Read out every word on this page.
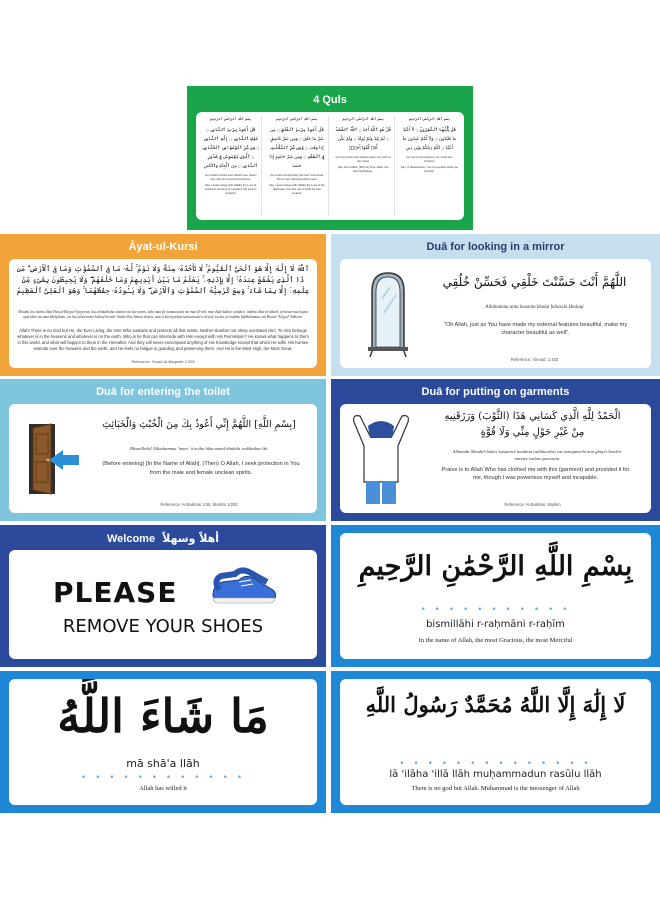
4 Quls
بِسْمِ ٱللَّهِ ٱلرَّحْمَٰنِ ٱلرَّحِيمِ
قُلْ أَعُوذُ بِرَبِّ ٱلنَّاسِ ۝ مَلِكِ ٱلنَّاسِ ۝ إِلَٰهِ ٱلنَّاسِ ۝ مِن شَرِّ ٱلْوَسْوَاسِ ٱلْخَنَّاسِ ۝ ٱلَّذِى يُوَسْوِسُ فِى صُدُورِ ٱلنَّاسِ ۝ مِنَ ٱلْجِنَّةِ وَٱلنَّاسِ
Qul a'oodhu birabbin naas. Malikin naas. Ilaahin naas. Min sharril waswaasil khannaas.
Say, I seek refuge with (Allah) the Lord of mankind, the King of mankind, the God of mankind.
بِسْمِ ٱللَّهِ ٱلرَّحْمَٰنِ ٱلرَّحِيمِ
قُلْ أَعُوذُ بِرَبِّ ٱلْفَلَقِ ۝ مِن شَرِّ مَا خَلَقَ ۝ وَمِن شَرِّ غَاسِقٍ إِذَا وَقَبَ ۝ وَمِن شَرِّ ٱلنَّفَّٰثَٰتِ فِى ٱلْعُقَدِ ۝ وَمِن شَرِّ حَاسِدٍ إِذَا حَسَدَ
Qul a'oodhu birabbil-falaq. Min sharri maa khalaq. Wa min sharri ghaasiqin idhaa waqab.
Say, I seek refuge with (Allah) the Lord of the daybreak, from the evil of what He has created.
بِسْمِ ٱللَّهِ ٱلرَّحْمَٰنِ ٱلرَّحِيمِ
قُلْ هُوَ ٱللَّهُ أَحَدٌ ۝ ٱللَّهُ ٱلصَّمَدُ ۝ لَمْ يَلِدْ وَلَمْ يُولَدْ ۝ وَلَمْ يَكُن لَّهُۥ كُفُوًا أَحَدٌۢ
Qul huwal laahu ahad. Allahus samad. Lam yalid wa lam yoolad.
Say, He is Allah, (Who is) One. Allah, the Eternal Refuge.
بِسْمِ ٱللَّهِ ٱلرَّحْمَٰنِ ٱلرَّحِيمِ
قُلْ يَٰٓأَيُّهَا ٱلْكَٰفِرُونَ ۝ لَآ أَعْبُدُ مَا تَعْبُدُونَ ۝ وَلَآ أَنتُمْ عَٰبِدُونَ مَآ أَعْبُدُ ۝ لَكُمْ دِينُكُمْ وَلِىَ دِينِ
Qul yaa ayyuhal kaafiroon. Laa a'budu maa ta'budoon.
Say, O disbelievers, I do not worship what you worship.
Āyat-ul-Kursi
ٱللَّهُ لَآ إِلَٰهَ إِلَّا هُوَ ٱلْحَىُّ ٱلْقَيُّومُ ۚ لَا تَأْخُذُهُۥ سِنَةٌ وَلَا نَوْمٌ ۚ لَّهُۥ مَا فِى ٱلسَّمَٰوَٰتِ وَمَا فِى ٱلْأَرْضِ ۗ مَن ذَا ٱلَّذِى يَشْفَعُ عِندَهُۥٓ إِلَّا بِإِذْنِهِۦ ۚ يَعْلَمُ مَا بَيْنَ أَيْدِيهِمْ وَمَا خَلْفَهُمْ ۖ وَلَا يُحِيطُونَ بِشَىْءٍ مِّنْ عِلْمِهِۦٓ إِلَّا بِمَا شَآءَ ۚ وَسِعَ كُرْسِيُّهُ ٱلسَّمَٰوَٰتِ وَٱلْأَرْضَ ۖ وَلَا يَـُٔودُهُۥ حِفْظُهُمَا ۚ وَهُوَ ٱلْعَلِىُّ ٱلْعَظِيمُ
Allaahu laa ilaaha illaa Huwal-Hayyul-Qayyoom, laa ta'khudhuhu sinatun wa laa nawm, lahu maa fis-samaawaati wa maa fil-ard, man dhal-ladhee yashfa'u 'indahu illaa bi-idhnih, ya'lamu maa bayna aydeehim wa maa khalfahum, wa laa yuheetoona bishay'im-min 'ilmihi illaa bimaa shaa'a, wasi'a kursiyyuhus-samaawaati wal-ard, wa laa ya'ooduhu hifdhuhumaa, wa Huwal-'Aliyyul-'Adheem.
Allah! There is no God but He, the Ever Living, the One Who sustains and protects all that exists. Neither slumber nor sleep overtakes Him. To Him belongs whatever is in the heavens and whatever is on the earth. Who is he that can intercede with Him except with His Permission? He knows what happens to them in this world, and what will happen to them in the Hereafter. And they will never encompass anything of His Knowledge except that which He wills. His Kursee extends over the heavens and the earth, and He feels no fatigue in guarding and preserving them. And He is the Most High, the Most Great.
Reference: Surah Al-Baqarah 2:255
Duā for looking in a mirror
اللَّهُمَّ أَنْتَ حَسَّنْتَ خَلْقِي فَحَسِّنْ خُلُقِي
Allahumma anta hasanta khalqi fahassin khuluqi
"Oh Allah, just as You have made my external features beautiful, make my character beautiful as well".
Reference: Ahmad, 1:403
Duā for entering the toilet
[بِسْمِ اللَّهِ] اللَّهُمَّ إِنِّي أَعُوذُ بِكَ مِنَ الْخُبْثِ وَالْخَبَائِثِ
[Bismillahi] Allaahumma 'innee 'a'oothu bika minal-khubthi walkhabaa'ith.
(Before entering) [In the Name of Allah]. (Then) O Allah, I seek protection in You from the male and female unclean spirits.
Reference: Al-Bukhari 1/45, Muslim 1/283
Duā for putting on garments
الْحَمْدُ لِلَّهِ الَّذِي كَسَانِي هَذَا (الثَّوْبَ) وَرَزَقَنِيهِ
مِنْ غَيْرِ حَوْلٍ مِنِّي وَلَا قُوَّةٍ
Alhamdu lillaahil-lathee kasaanee haathaa (aththawba) wa razaqaneehi min ghayri hawlin-minnee walaa quwwatin.
Praise is to Allah Who has clothed me with this (garment) and provided it for me, though I was powerless myself and incapable.
Reference: Al-Bukhari, Muslim
Welcome أهلاً وسهلاً
PLEASE
REMOVE YOUR SHOES
بِسْمِ اللَّهِ الرَّحْمَٰنِ الرَّحِيمِ
• • • • • • • • • • •
bismillāhi r-raḥmāni r-raḥīm
In the name of Allah, the most Gracious, the most Merciful
مَا شَاءَ اللَّهُ
mā shā'a llāh
• • • • • • • • • • • •
Allah has willed it
لَا إِلَٰهَ إِلَّا اللَّهُ مُحَمَّدٌ رَسُولُ اللَّهِ
• • • • • • • • • • • • • •
lā 'ilāha 'illā llāh muḥammadun rasūlu llāh
There is no god but Allah. Muhammad is the messenger of Allah
